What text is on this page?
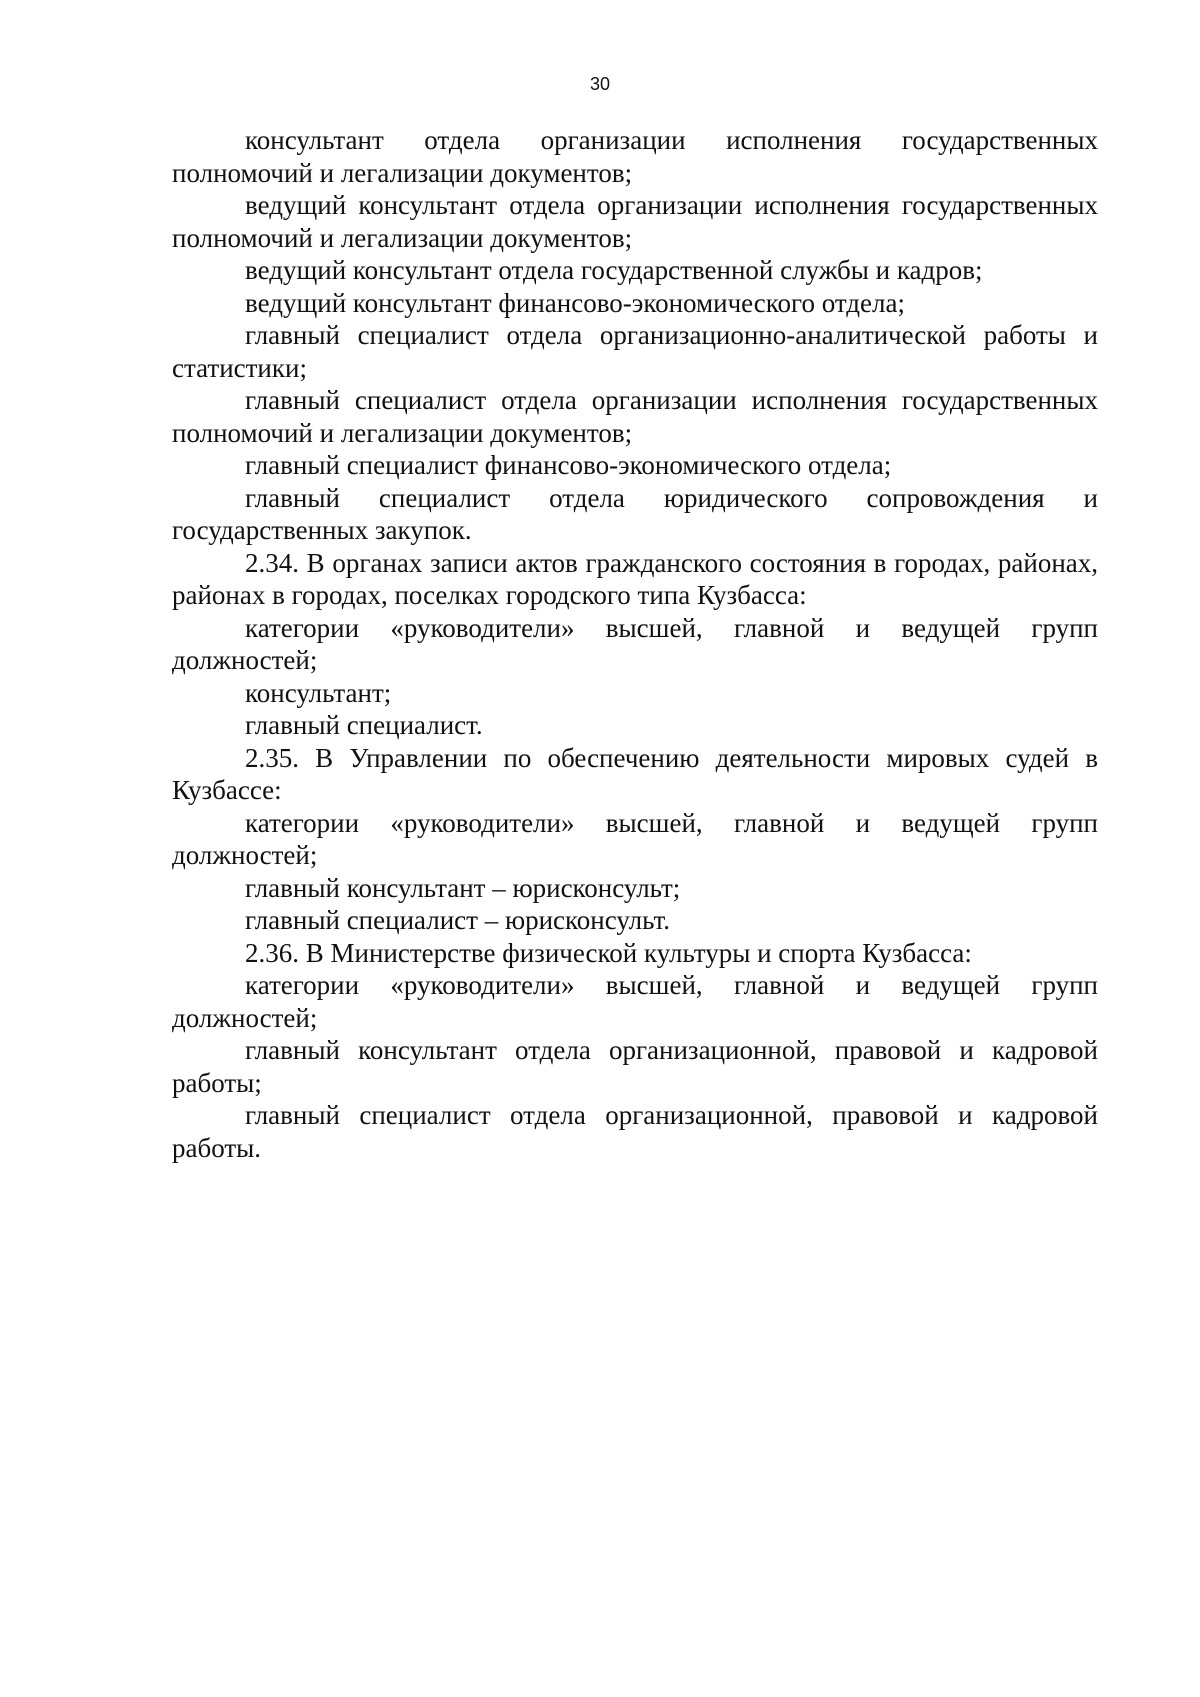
30

консультант отдела организации исполнения государственных полномочий и легализации документов;

ведущий консультант отдела организации исполнения государственных полномочий и легализации документов;

ведущий консультант отдела государственной службы и кадров;

ведущий консультант финансово-экономического отдела;

главный специалист отдела организационно-аналитической работы и статистики;

главный специалист отдела организации исполнения государственных полномочий и легализации документов;

главный специалист финансово-экономического отдела;

главный специалист отдела юридического сопровождения и государственных закупок.

2.34. В органах записи актов гражданского состояния в городах, районах, районах в городах, поселках городского типа Кузбасса:

категории «руководители» высшей, главной и ведущей групп должностей;

консультант;

главный специалист.

2.35. В Управлении по обеспечению деятельности мировых судей в Кузбассе:

категории «руководители» высшей, главной и ведущей групп должностей;

главный консультант – юрисконсульт;

главный специалист – юрисконсульт.

2.36. В Министерстве физической культуры и спорта Кузбасса:

категории «руководители» высшей, главной и ведущей групп должностей;

главный консультант отдела организационной, правовой и кадровой работы;

главный специалист отдела организационной, правовой и кадровой работы.
